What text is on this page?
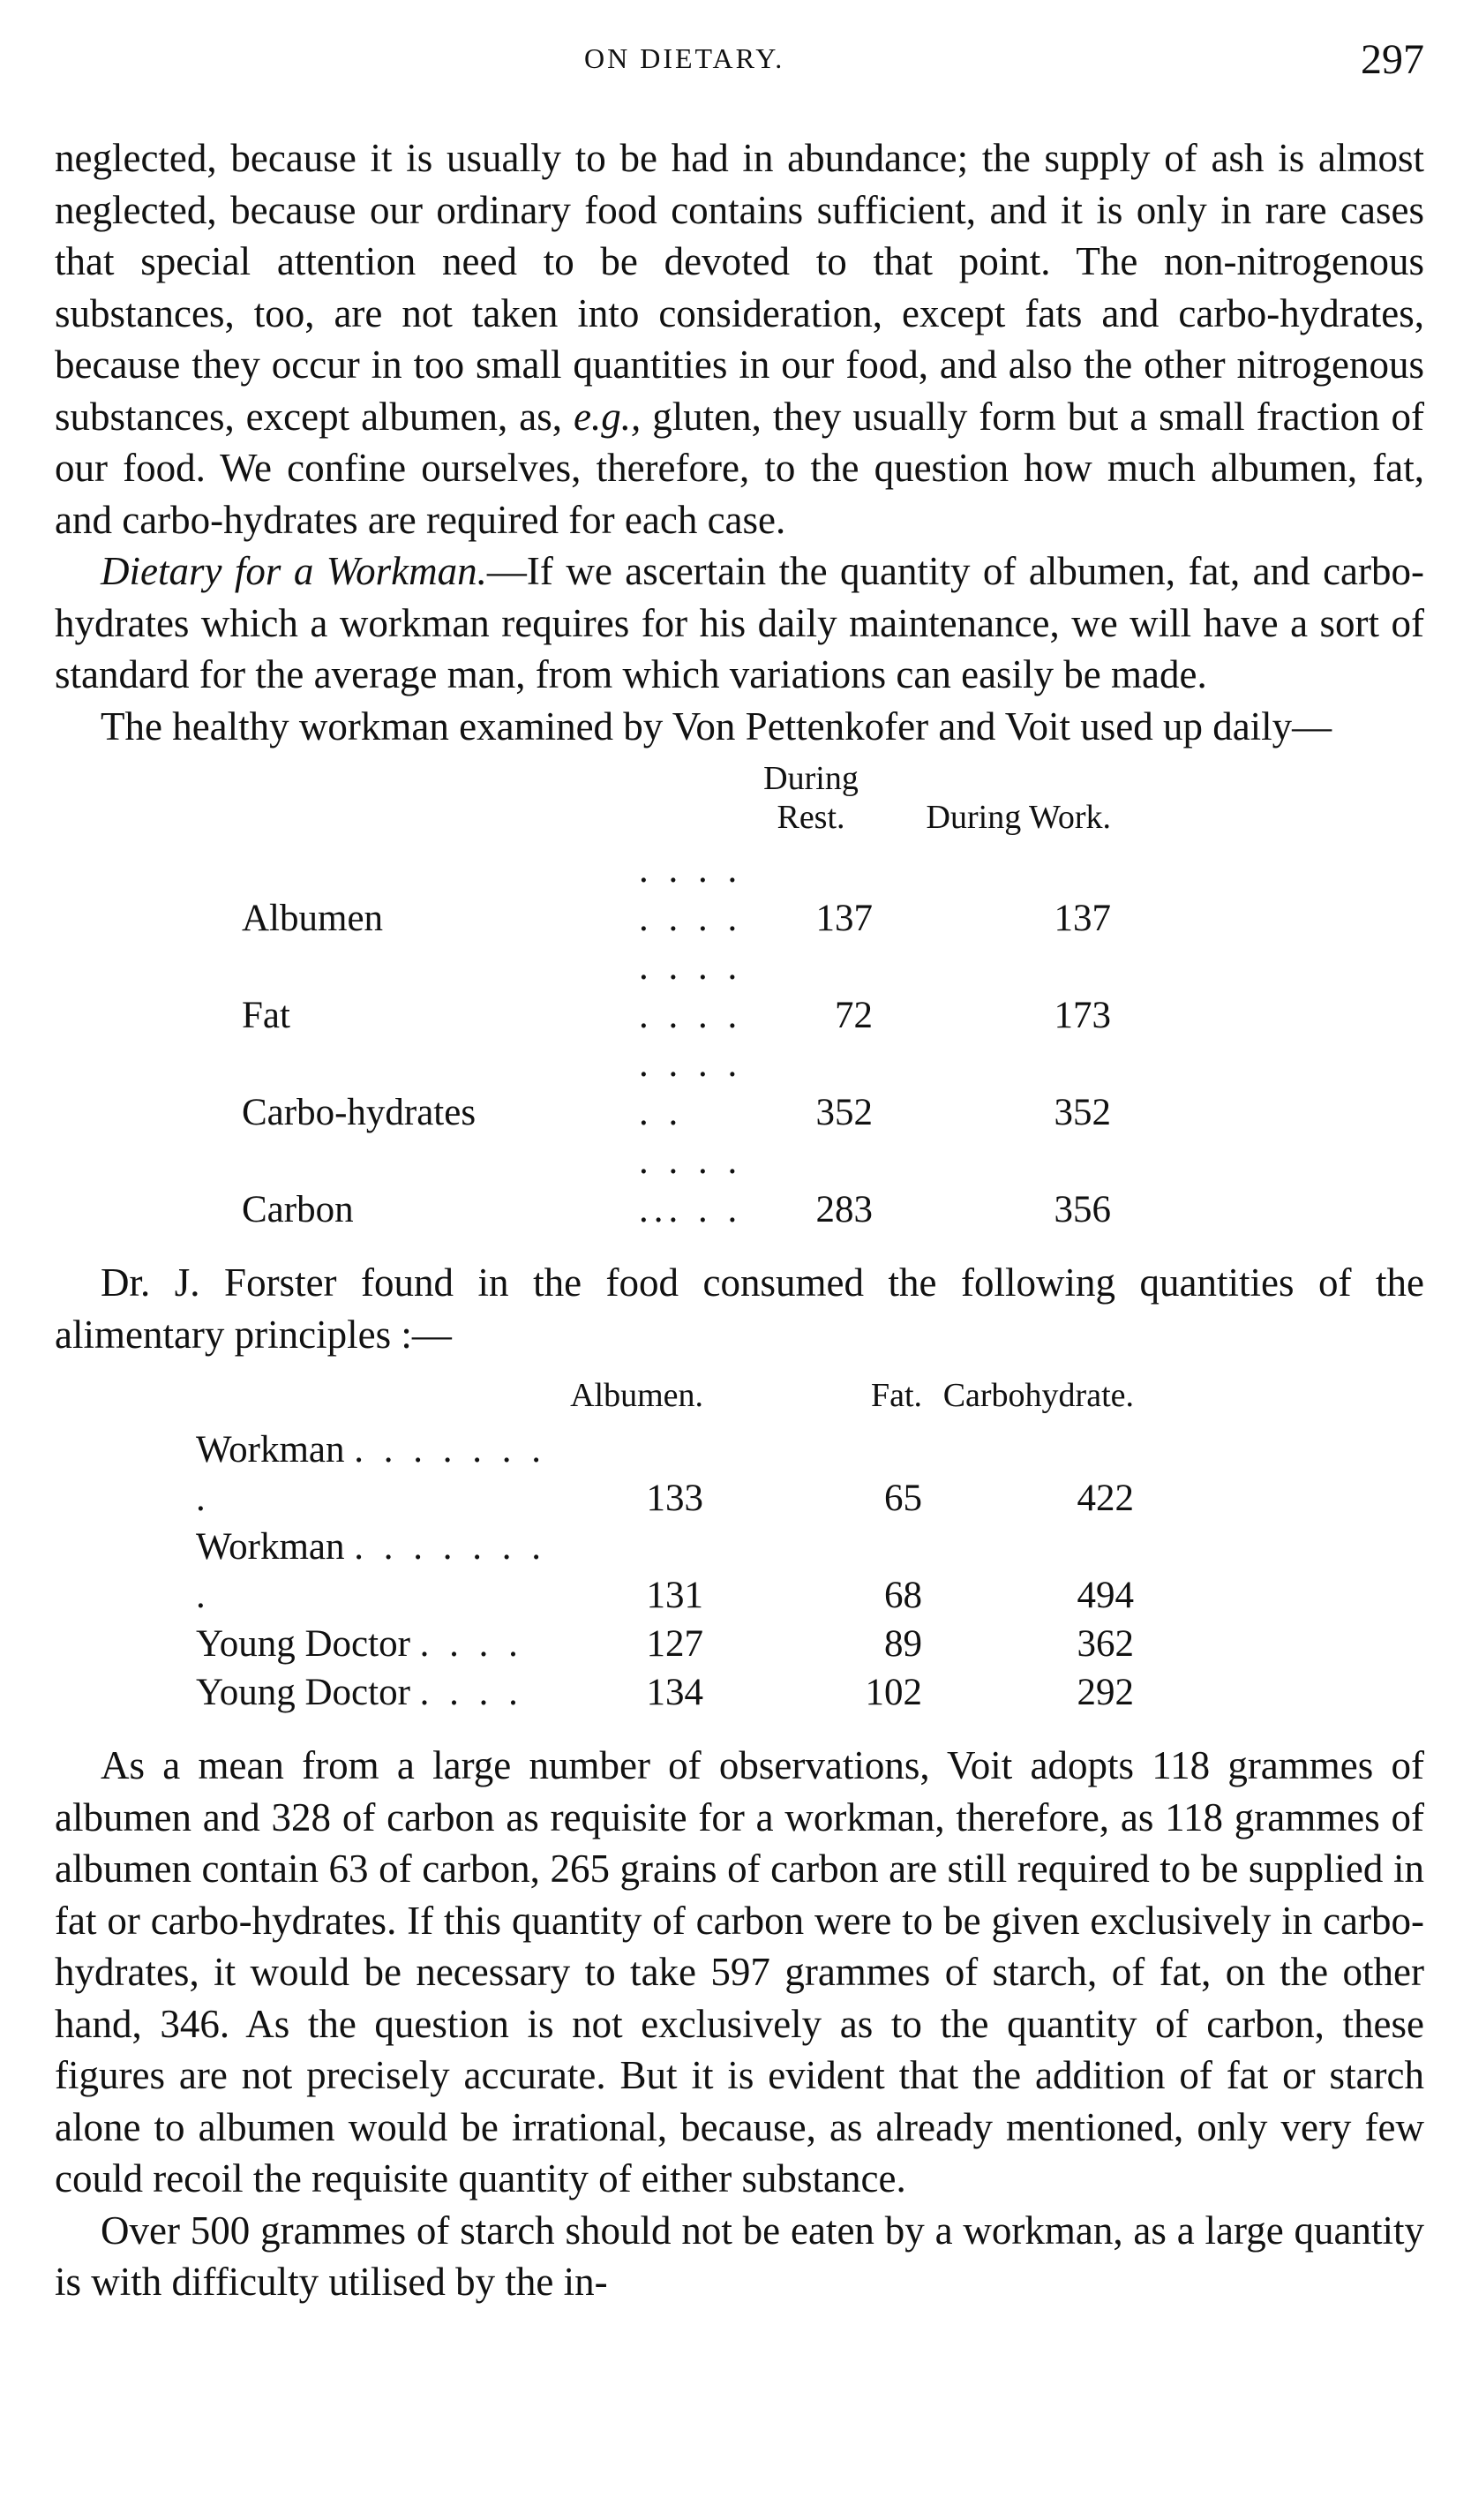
ON DIETARY.	297

neglected, because it is usually to be had in abundance; the supply of ash is almost neglected, because our ordinary food contains sufficient, and it is only in rare cases that special attention need to be devoted to that point. The non-nitrogenous substances, too, are not taken into consideration, except fats and carbo-hydrates, because they occur in too small quantities in our food, and also the other nitrogenous substances, except albumen, as, e.g., gluten, they usually form but a small fraction of our food. We confine ourselves, therefore, to the question how much albumen, fat, and carbo-hydrates are required for each case.

Dietary for a Workman.—If we ascertain the quantity of albumen, fat, and carbo-hydrates which a workman requires for his daily maintenance, we will have a sort of standard for the average man, from which variations can easily be made.

The healthy workman examined by Von Pettenkofer and Voit used up daily—

		During Rest.	During Work.
Albumen	. . . . . . . .	137	137
Fat	. . . . . . . .	72	173
Carbo-hydrates	. . . . . .	352	352
Carbon	. . . . ... . .	283	356

Dr. J. Forster found in the food consumed the following quantities of the alimentary principles :—

	Albumen.	Fat.	Carbohydrate.
Workman . . . . . . . .	133	65	422
Workman . . . . . . . .	131	68	494
Young Doctor . . . .	127	89	362
Young Doctor . . . .	134	102	292

As a mean from a large number of observations, Voit adopts 118 grammes of albumen and 328 of carbon as requisite for a workman, therefore, as 118 grammes of albumen contain 63 of carbon, 265 grains of carbon are still required to be supplied in fat or carbo-hydrates. If this quantity of carbon were to be given exclusively in carbo-hydrates, it would be necessary to take 597 grammes of starch, of fat, on the other hand, 346. As the question is not exclusively as to the quantity of carbon, these figures are not precisely accurate. But it is evident that the addition of fat or starch alone to albumen would be irrational, because, as already mentioned, only very few could recoil the requisite quantity of either substance.

Over 500 grammes of starch should not be eaten by a workman, as a large quantity is with difficulty utilised by the in-
